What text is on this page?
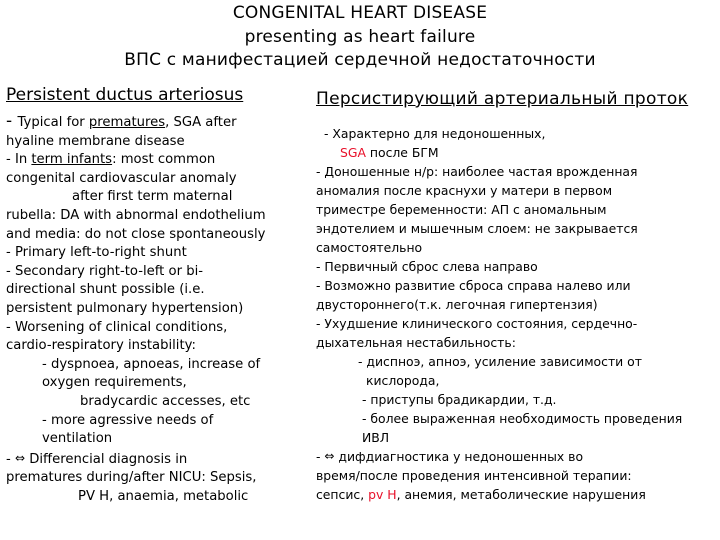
CONGENITAL HEART DISEASE
presenting as heart failure
ВПС с манифестацией сердечной недостаточности
Persistent ductus arteriosus
- Typical for prematures, SGA after
hyaline membrane disease
- In term infants: most common
congenital cardiovascular anomaly
after first term maternal
rubella: DA with abnormal endothelium
and media: do not close spontaneously
- Primary left-to-right shunt
- Secondary right-to-left or bi-
directional shunt possible (i.e.
persistent pulmonary hypertension)
- Worsening of clinical conditions,
cardio-respiratory instability:
- dyspnoea, apnoeas, increase of
oxygen requirements,
bradycardic accesses, etc
- more agressive needs of
ventilation
- ⇔ Differencial diagnosis in
prematures during/after NICU: Sepsis,
PV H, anaemia, metabolic
Персистирующий артериальный проток
- Характерно для недоношенных,
SGA после БГМ
- Доношенные н/р: наиболее частая врожденная
аномалия после краснухи у матери в первом
триместре беременности: АП с аномальным
эндотелием и мышечным слоем: не закрывается
самостоятельно
- Первичный сброс слева направо
- Возможно развитие сброса справа налево или
двустороннего(т.к. легочная гипертензия)
- Ухудшение клинического состояния, сердечно-
дыхательная нестабильность:
- диспноэ, апноэ, усиление зависимости от
кислорода,
- приступы брадикардии, т.д.
- более выраженная необходимость проведения
ИВЛ
- ⇔ дифдиагностика у недоношенных во
время/после проведения интенсивной терапии:
сепсис, pv H, анемия, метаболические нарушения
